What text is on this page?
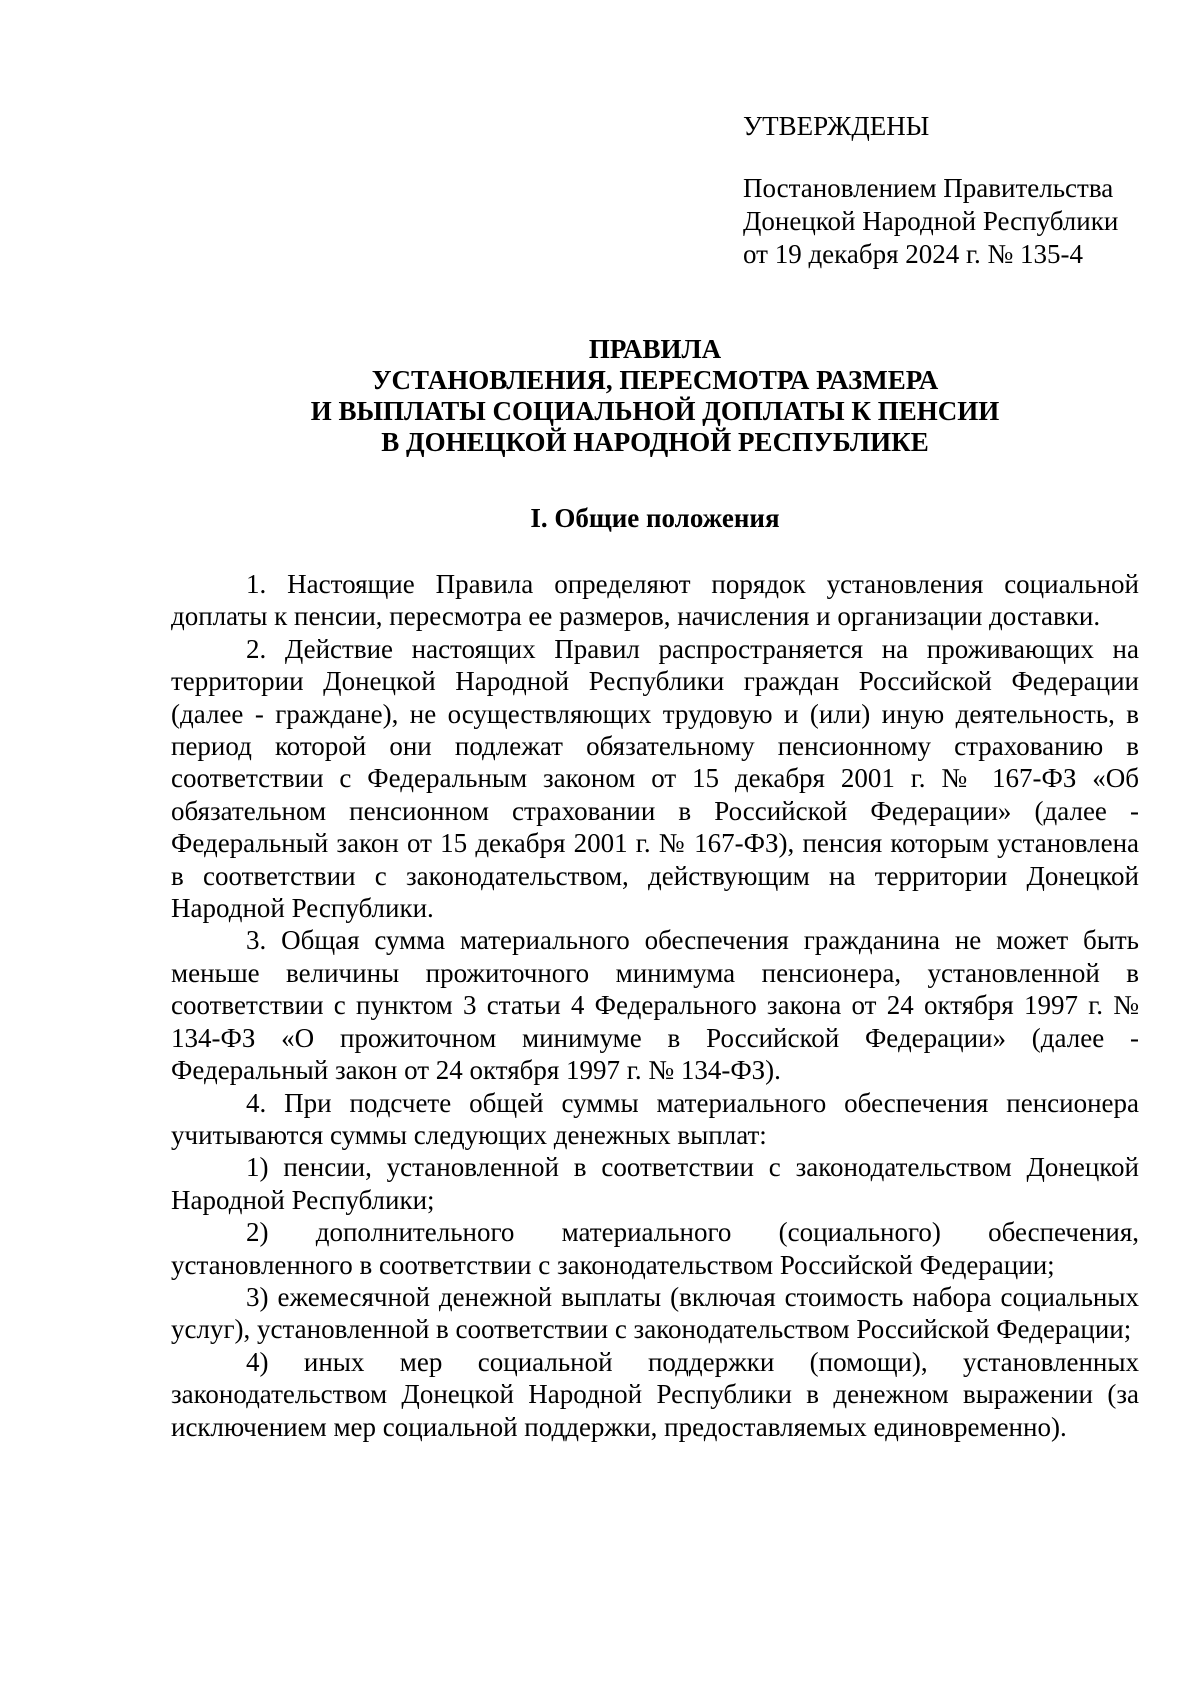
УТВЕРЖДЕНЫ
Постановлением Правительства
Донецкой Народной Республики
от 19 декабря 2024 г. № 135-4
ПРАВИЛА
УСТАНОВЛЕНИЯ, ПЕРЕСМОТРА РАЗМЕРА
И ВЫПЛАТЫ СОЦИАЛЬНОЙ ДОПЛАТЫ К ПЕНСИИ
В ДОНЕЦКОЙ НАРОДНОЙ РЕСПУБЛИКЕ
I. Общие положения

1. Настоящие Правила определяют порядок установления социальной доплаты к пенсии, пересмотра ее размеров, начисления и организации доставки.

2. Действие настоящих Правил распространяется на проживающих на территории Донецкой Народной Республики граждан Российской Федерации (далее - граждане), не осуществляющих трудовую и (или) иную деятельность, в период которой они подлежат обязательному пенсионному страхованию в соответствии с Федеральным законом от 15 декабря 2001 г. № 167-ФЗ «Об обязательном пенсионном страховании в Российской Федерации» (далее - Федеральный закон от 15 декабря 2001 г. № 167-ФЗ), пенсия которым установлена в соответствии с законодательством, действующим на территории Донецкой Народной Республики.

3. Общая сумма материального обеспечения гражданина не может быть меньше величины прожиточного минимума пенсионера, установленной в соответствии с пунктом 3 статьи 4 Федерального закона от 24 октября 1997 г. № 134-ФЗ «О прожиточном минимуме в Российской Федерации» (далее - Федеральный закон от 24 октября 1997 г. № 134-ФЗ).

4. При подсчете общей суммы материального обеспечения пенсионера учитываются суммы следующих денежных выплат:

1) пенсии, установленной в соответствии с законодательством Донецкой Народной Республики;

2) дополнительного материального (социального) обеспечения, установленного в соответствии с законодательством Российской Федерации;

3) ежемесячной денежной выплаты (включая стоимость набора социальных услуг), установленной в соответствии с законодательством Российской Федерации;

4) иных мер социальной поддержки (помощи), установленных законодательством Донецкой Народной Республики в денежном выражении (за исключением мер социальной поддержки, предоставляемых единовременно).
